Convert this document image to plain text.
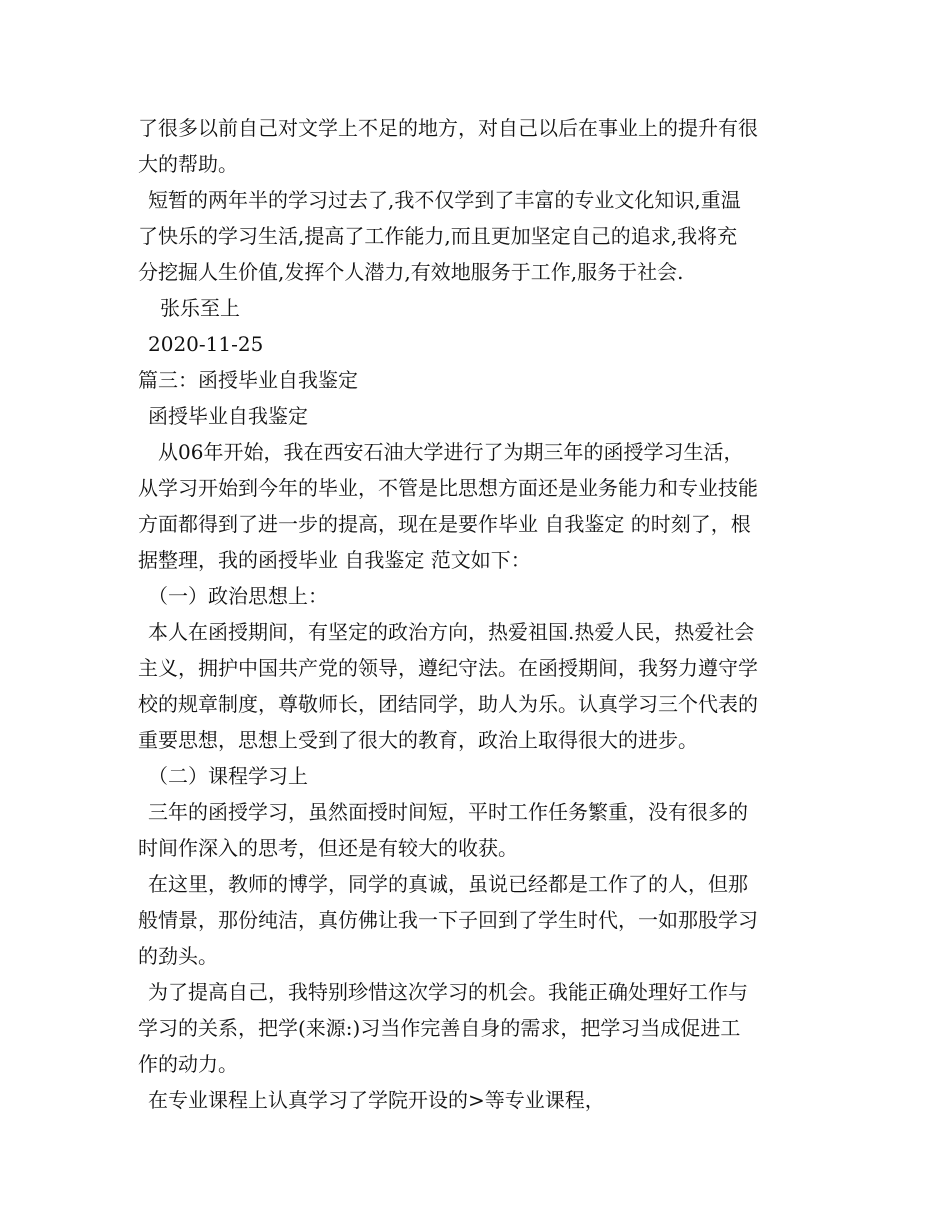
了很多以前自己对文学上不足的地方，对自己以后在事业上的提升有很
大的帮助。
短暂的两年半的学习过去了,我不仅学到了丰富的专业文化知识,重温
了快乐的学习生活,提高了工作能力,而且更加坚定自己的追求,我将充
分挖掘人生价值,发挥个人潜力,有效地服务于工作,服务于社会.
张乐至上
2020-11-25
篇三：函授毕业自我鉴定
函授毕业自我鉴定
从06年开始，我在西安石油大学进行了为期三年的函授学习生活，
从学习开始到今年的毕业，不管是比思想方面还是业务能力和专业技能
方面都得到了进一步的提高，现在是要作毕业 自我鉴定 的时刻了，根
据整理，我的函授毕业 自我鉴定 范文如下：
（一）政治思想上：
本人在函授期间，有坚定的政治方向，热爱祖国.热爱人民，热爱社会
主义，拥护中国共产党的领导，遵纪守法。在函授期间，我努力遵守学
校的规章制度，尊敬师长，团结同学，助人为乐。认真学习三个代表的
重要思想，思想上受到了很大的教育，政治上取得很大的进步。
（二）课程学习上
三年的函授学习，虽然面授时间短，平时工作任务繁重，没有很多的
时间作深入的思考，但还是有较大的收获。
在这里，教师的博学，同学的真诚，虽说已经都是工作了的人，但那
般情景，那份纯洁，真仿佛让我一下子回到了学生时代，一如那股学习
的劲头。
为了提高自己，我特别珍惜这次学习的机会。我能正确处理好工作与
学习的关系，把学(来源:)习当作完善自身的需求，把学习当成促进工
作的动力。
在专业课程上认真学习了学院开设的>等专业课程，
